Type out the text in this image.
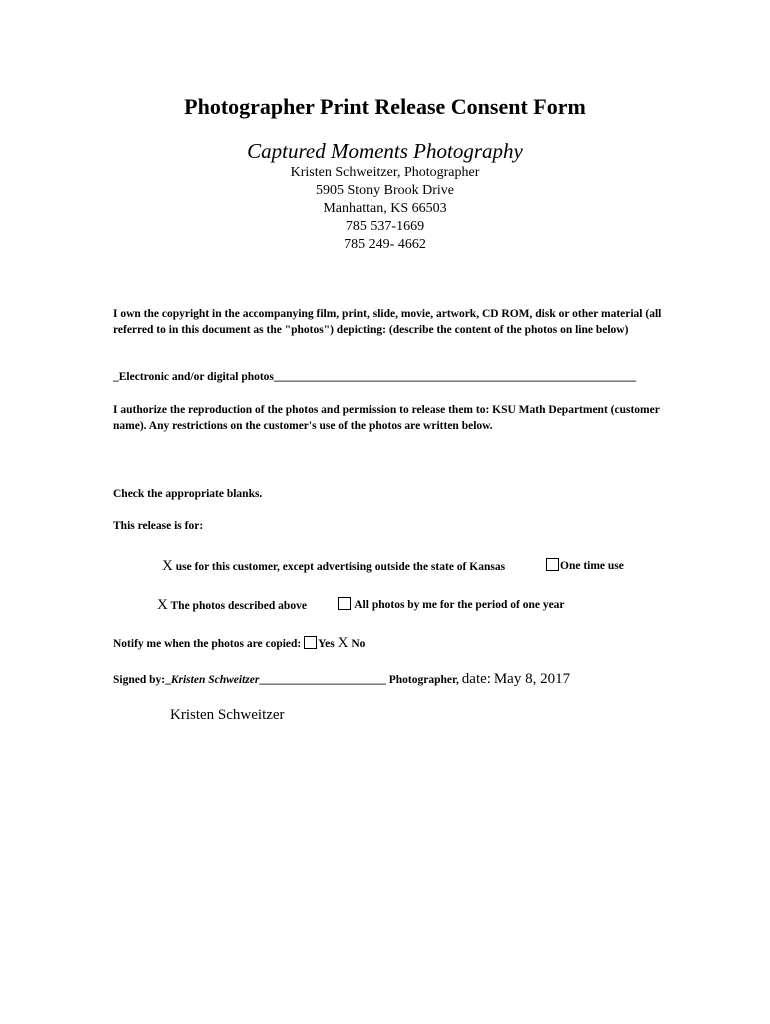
Photographer Print Release Consent Form
Captured Moments Photography
Kristen Schweitzer, Photographer
5905 Stony Brook Drive
Manhattan, KS 66503
785 537-1669
785 249- 4662
I own the copyright in the accompanying film, print, slide, movie, artwork, CD ROM, disk or other material (all referred to in this document as the "photos") depicting: (describe the content of the photos on line below)
_Electronic and/or digital photos_______________________________________________________________
I authorize the reproduction of the photos and permission to release them to: KSU Math Department (customer name). Any restrictions on the customer's use of the photos are written below.
Check the appropriate blanks.
This release is for:
X use for this customer, except advertising outside the state of Kansas	One time use
X The photos described above	All photos by me for the period of one year
Notify me when the photos are copied: Yes X No
Signed by:_Kristen Schweitzer______________________ Photographer, date: May 8, 2017
Kristen Schweitzer
